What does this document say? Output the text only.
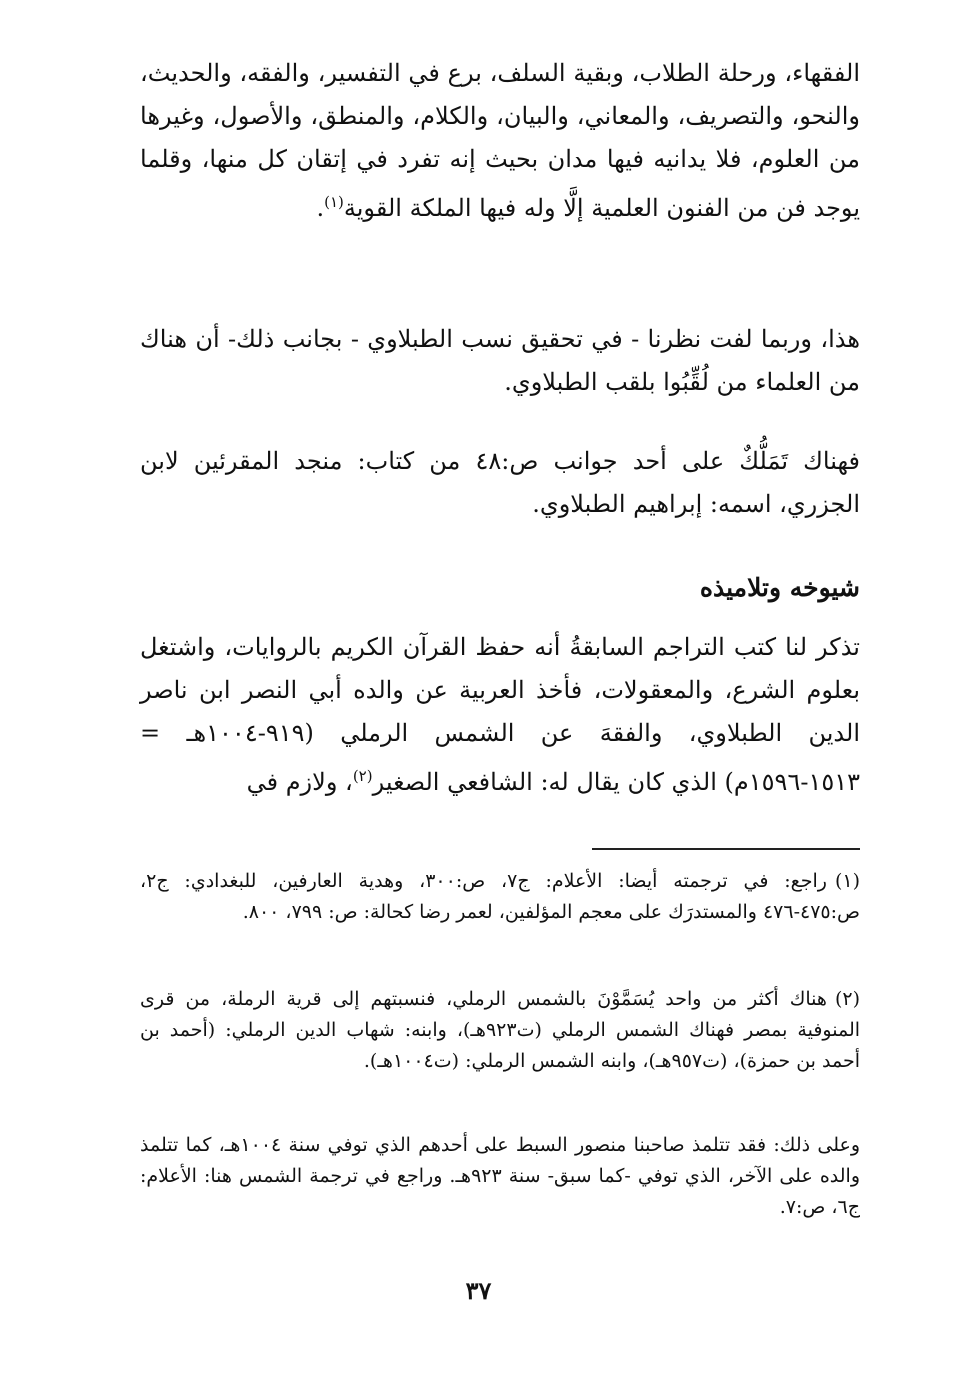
الفقهاء، ورحلة الطلاب، وبقية السلف، برع في التفسير، والفقه، والحديث، والنحو، والتصريف، والمعاني، والبيان، والكلام، والمنطق، والأصول، وغيرها من العلوم، فلا يدانيه فيها مدان بحيث إنه تفرد في إتقان كل منها، وقلما يوجد فن من الفنون العلمية إلَّا وله فيها الملكة القوية$^{(١)}$.
هذا، وربما لفت نظرنا - في تحقيق نسب الطبلاوي - بجانب ذلك- أن هناك من العلماء من لُقِّبُوا بلقب الطبلاوي.
فهناك تَمَلُّكٌ على أحد جوانب ص:٤٨ من كتاب: منجد المقرئين لابن الجزري، اسمه: إبراهيم الطبلاوي.
شيوخه وتلاميذه
تذكر لنا كتب التراجم السابقةُ أنه حفظ القرآن الكريم بالروايات، واشتغل بعلوم الشرع، والمعقولات، فأخذ العربية عن والده أبي النصر ابن ناصر الدين الطبلاوي، والفقهَ عن الشمس الرملي (٩١٩-١٠٠٤هـ = ١٥١٣-١٥٩٦م) الذي كان يقال له: الشافعي الصغير$^{(٢)}$، ولازم في
(١)راجع: في ترجمته أيضا: الأعلام: ج٧، ص:٣٠٠، وهدية العارفين، للبغدادي: ج٢، ص:٤٧٥-٤٧٦ والمستدرَك على معجم المؤلفين، لعمر رضا كحالة: ص: ٧٩٩، ٨٠٠.
(٢)هناك أكثر من واحد يُسَمَّوْنَ بالشمس الرملي، فنسبتهم إلى قرية الرملة، من قرى المنوفية بمصر فهناك الشمس الرملي (ت٩٢٣هـ)، وابنه: شهاب الدين الرملي: (أحمد بن أحمد بن حمزة)، (ت٩٥٧هـ)، وابنه الشمس الرملي: (ت١٠٠٤هـ).
وعلى ذلك: فقد تتلمذ صاحبنا منصور السبط على أحدهم الذي توفي سنة ١٠٠٤هـ، كما تتلمذ والده على الآخر، الذي توفي -كما سبق- سنة ٩٢٣هـ. وراجع في ترجمة الشمس هنا: الأعلام: ج٦، ص:٧.
٣٧
